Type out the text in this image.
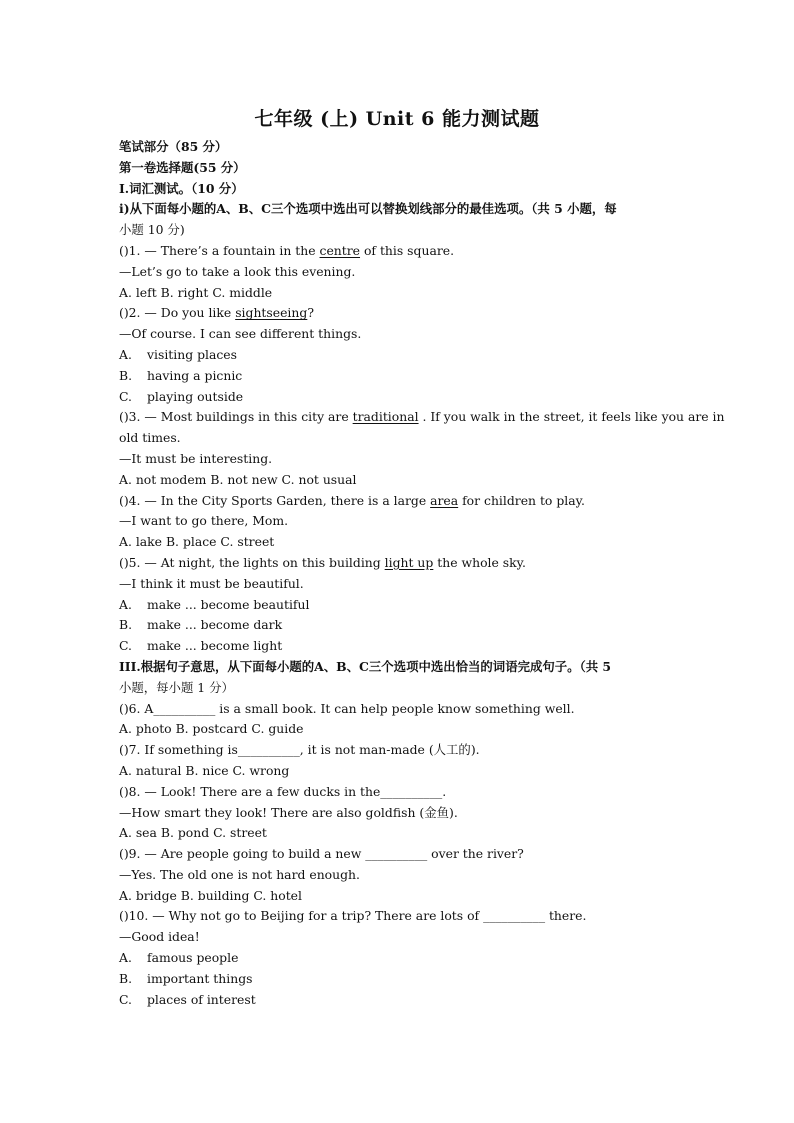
七年级 (上) Unit 6 能力测试题
笔试部分（85 分）
第一卷选择题(55 分）
I.词汇测试。（10 分）
i)从下面每小题的A、B、C三个选项中选出可以替换划线部分的最佳选项。（共 5 小题，每
小题 10 分)
()1. — There’s a fountain in the centre of this square.
—Let’s go to take a look this evening.
A. left B. right C. middle
()2. — Do you like sightseeing?
—Of course. I can see different things.
A. visiting places
B. having a picnic
C. playing outside
()3. — Most buildings in this city are traditional . If you walk in the street, it feels like you are in
old times.
—It must be interesting.
A. not modem B. not new C. not usual
()4. — In the City Sports Garden, there is a large area for children to play.
—I want to go there, Mom.
A. lake B. place C. street
()5. — At night, the lights on this building light up the whole sky.
—I think it must be beautiful.
A. make ... become beautiful
B. make ... become dark
C. make ... become light
III.根据句子意思，从下面每小题的A、B、C三个选项中选出恰当的词语完成句子。（共 5
小题，每小题 1 分）
()6. A__________ is a small book. It can help people know something well.
A. photo B. postcard C. guide
()7. If something is__________, it is not man-made (人工的).
A. natural B. nice C. wrong
()8. — Look! There are a few ducks in the__________.
—How smart they look! There are also goldfish (金鱼).
A. sea B. pond C. street
()9. — Are people going to build a new __________ over the river?
—Yes. The old one is not hard enough.
A. bridge B. building C. hotel
()10. — Why not go to Beijing for a trip? There are lots of __________ there.
—Good idea!
A. famous people
B. important things
C. places of interest
